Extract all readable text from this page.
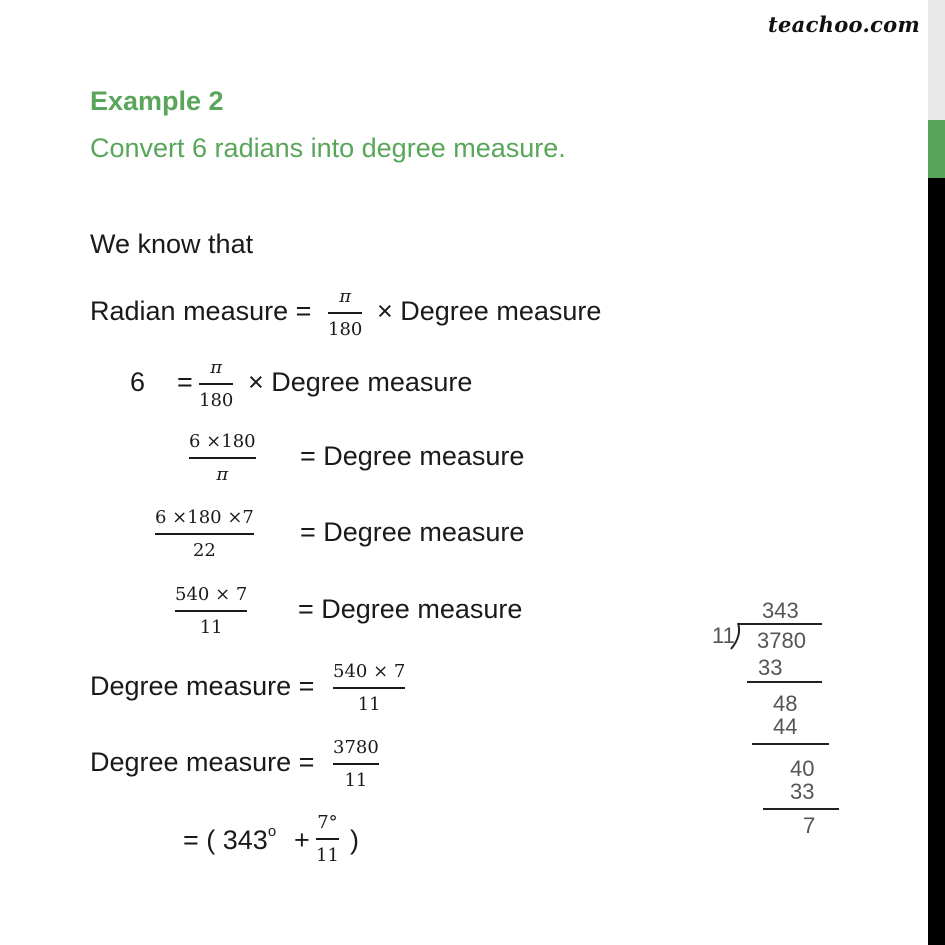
teachoo.com
Example 2
Convert 6 radians into degree measure.
We know that
Radian measure = π
180
× Degree measure
6 = π
180
× Degree measure
6 ×180
π
= Degree measure
6 ×180 ×7
22
= Degree measure
540 × 7
11
= Degree measure
Degree measure = 540 × 7
11
Degree measure = 3780
11
= ( $343^o$ +
7°
11 )
343
11 3780
33
48
44
40
33
7
